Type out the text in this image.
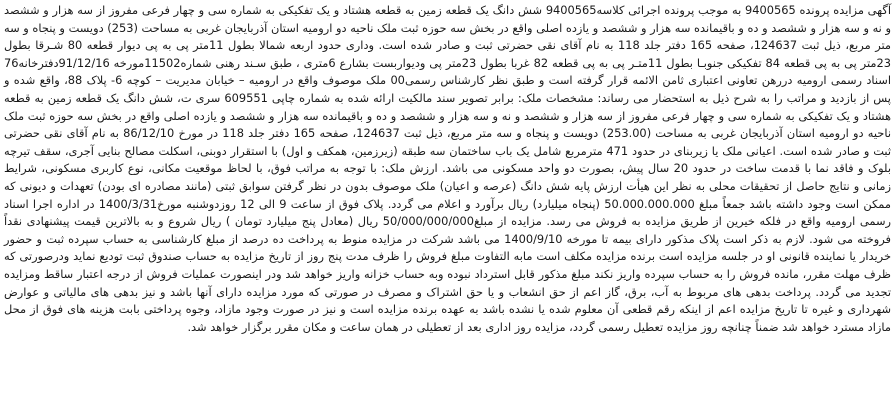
آگهی مزایده پرونده 9400565 به موجب پرونده اجرائی کلاسه9400565 شش دانگ یک قطعه زمین به قطعه هشتاد و یک تفکیکی به شماره سی و چهار فرعی مفروز از سه هزار و ششصد و نه و سه هزار و ششصد و ده و باقیمانده سه هزار و ششصد و یازده اصلی واقع در بخش سه حوزه ثبت ملک ناحیه دو ارومیه استان آذربایجان غربی به مساحت (253) دویست و پنجاه و سه متر مربع، ذیل ثبت 124637، صفحه 165 دفتر جلد 118 به نام آقای نقی حضرتی ثبت و صادر شده است. وداری حدود اربعه شمالا بطول 11متر پی به پی دیوار قطعه 80 شـرقا بطول 23متر پی به پی قطعه 84 تفکیکی جنوبـا بطول 11متـر پی به پی قطعه 82 غربا بطول 23متر پی ودیواربست بشارع 6متری ، طبق سـند رهنی شماره11502مورخه 91/12/16دفترخانه76 اسناد رسمی ارومیه دررهن تعاونی اعتباری ثامن الائمه قرار گرفته است و طبق نظر کارشناس رسمی00 ملک موصوف واقع در ارومیه – خیابان مدیریت – کوچه 6- پلاک 88، واقع شده و پس از بازدید و مراتب را به شرح ذیل به استحضار می رساند: مشخصات ملک: برابر تصویر سند مالکیت ارائه شده به شماره چاپی 609551 سری ت، شش دانگ یک قطعه زمین به قطعه هشتاد و یک تفکیکی به شماره سی و چهار فرعی مفروز از سه هزار و ششصد و نه و سه هزار و ششصد و ده و باقیمانده سه هزار و ششصد و یازده اصلی واقع در بخش سه حوزه ثبت ملک ناحیه دو ارومیه استان آذربایجان غربی به مساحت (253.00) دویست و پنجاه و سه متر مربع، ذیل ثبت 124637، صفحه 165 دفتر جلد 118 در مورخ 86/12/10 به نام آقای نقی حضرتی ثبت و صادر شده است. اعیانی ملک یا زیربنای در حدود 471 مترمربع شامل یک باب ساختمان سه طبقه (زیرزمین، همکف و اول) با استقرار دوبنی، اسکلت مصالح بنایی آجری، سقف تیرچه بلوک و فاقد نما با قدمت ساخت در حدود 20 سال پیش، بصورت دو واحد مسکونی می باشد. ارزش ملک: با توجه به مراتب فوق، با لحاظ موقعیت مکانی، نوع کاربری مسکونی، شرایط زمانی و نتایج حاصل از تحقیقات محلی به نظر این هیأت ارزش پایه شش دانگ (عرصه و اعیان) ملک موصوف بدون در نظر گرفتن سوابق ثبتی (مانند مصادره اى بودن) تعهدات و دیونی که ممکن است وجود داشته باشد جمعاً مبلغ 50.000.000.000 (پنجاه میلیارد) ریال برآورد و اعلام می گردد. پلاک فوق از ساعت 9 الی 12 روزدوشنبه مورخ1400/3/31 در اداره اجرا اسناد رسمی ارومیه واقع در فلکه خیرین از طریق مزایده به فروش می رسد. مزایده از مبلغ50/000/000/000 ریال (معادل پنج میلیارد تومان ) ریال شروع و به بالاترین قیمت پیشنهادی نقداً فروخته می شود. لازم به ذکر است پلاک مذکور دارای بیمه تا مورخه 1400/9/10 می باشد شرکت در مزایده منوط به پرداخت ده درصد از مبلغ کارشناسی به حساب سپرده ثبت و حضور خریدار یا نماینده قانونی او در جلسه مزایده است برنده مزایده مکلف است مابه التفاوت مبلغ فروش را ظرف مدت پنج روز از تاریخ مزایده به حساب صندوق ثبت تودیع نماید ودرصورتی که ظرف مهلت مقرر، مانده فروش را به حساب سپرده واریز نکند مبلغ مذکور قابل استرداد نبوده وبه حساب خزانه واریز خواهد شد ودر اینصورت عملیات فروش از درجه اعتبار ساقط ومزایده تجدید می گردد. پرداخت بدهی های مربوط به آب، برق، گاز اعم از حق انشعاب و یا حق اشتراک و مصرف در صورتی که مورد مزایده دارای آنها باشد و نیز بدهی های مالیاتی و عوارض شهرداری و غیره تا تاریخ مزایده اعم از اینکه رقم قطعی آن معلوم شده یا نشده باشد به عهده برنده مزایده است و نیز در صورت وجود مازاد، وجوه پرداختی بابت هزینه های فوق از محل مازاد مسترد خواهد شد ضمناً چنانچه روز مزایده تعطیل رسمی گردد، مزایده روز اداری بعد از تعطیلی در همان ساعت و مکان مقرر برگزار خواهد شد.
